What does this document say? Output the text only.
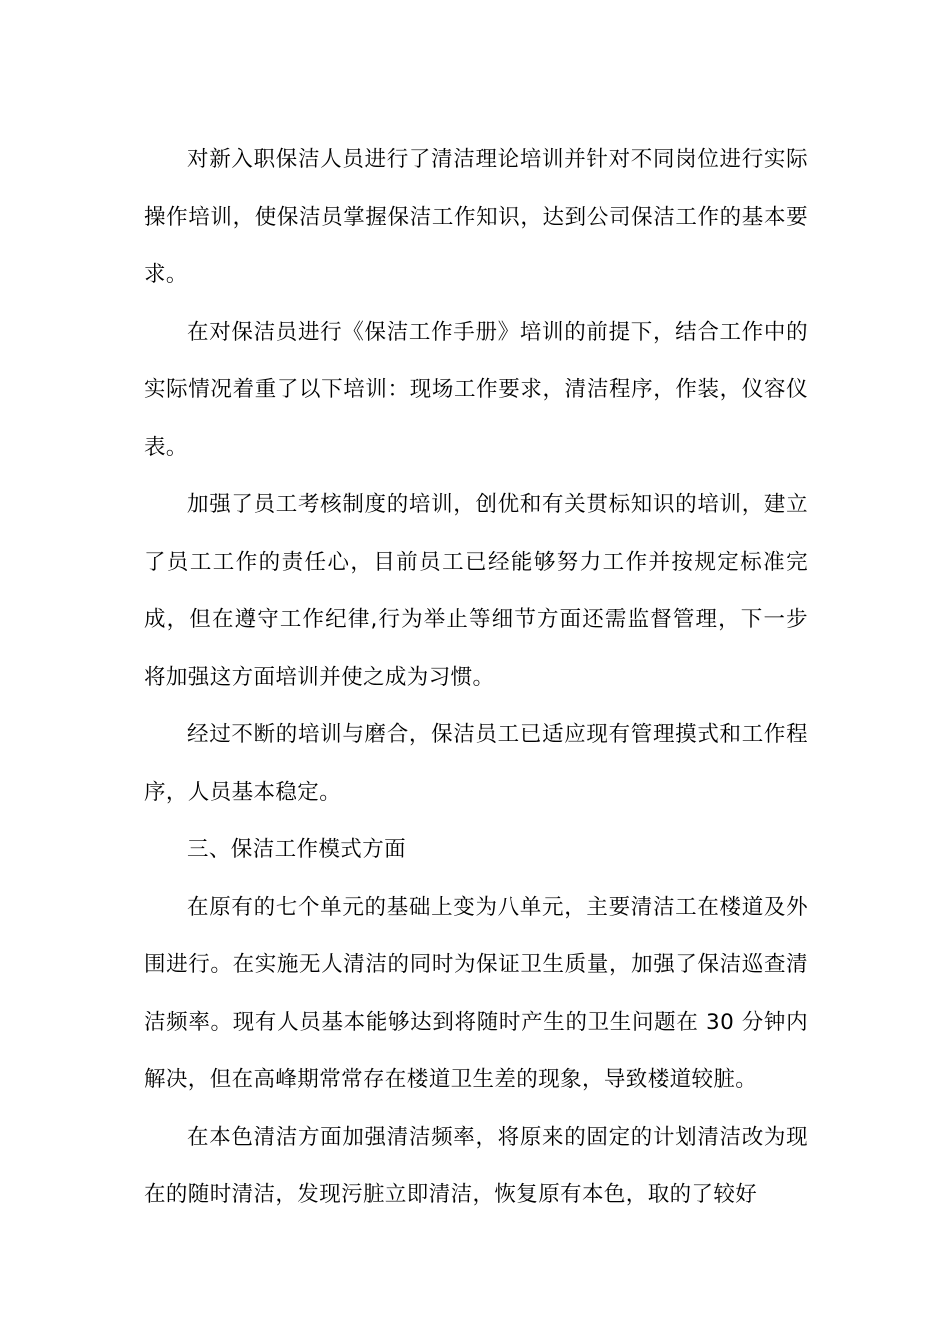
对新入职保洁人员进行了清洁理论培训并针对不同岗位进行实际操作培训，使保洁员掌握保洁工作知识，达到公司保洁工作的基本要求。

在对保洁员进行《保洁工作手册》培训的前提下，结合工作中的实际情况着重了以下培训：现场工作要求，清洁程序，作装，仪容仪表。

加强了员工考核制度的培训，创优和有关贯标知识的培训，建立了员工工作的责任心，目前员工已经能够努力工作并按规定标准完成，但在遵守工作纪律,行为举止等细节方面还需监督管理，下一步将加强这方面培训并使之成为习惯。

经过不断的培训与磨合，保洁员工已适应现有管理摸式和工作程序，人员基本稳定。

三、保洁工作模式方面

在原有的七个单元的基础上变为八单元，主要清洁工在楼道及外围进行。在实施无人清洁的同时为保证卫生质量，加强了保洁巡查清洁频率。现有人员基本能够达到将随时产生的卫生问题在 30 分钟内解决，但在高峰期常常存在楼道卫生差的现象，导致楼道较脏。

在本色清洁方面加强清洁频率，将原来的固定的计划清洁改为现在的随时清洁，发现污脏立即清洁，恢复原有本色，取的了较好
